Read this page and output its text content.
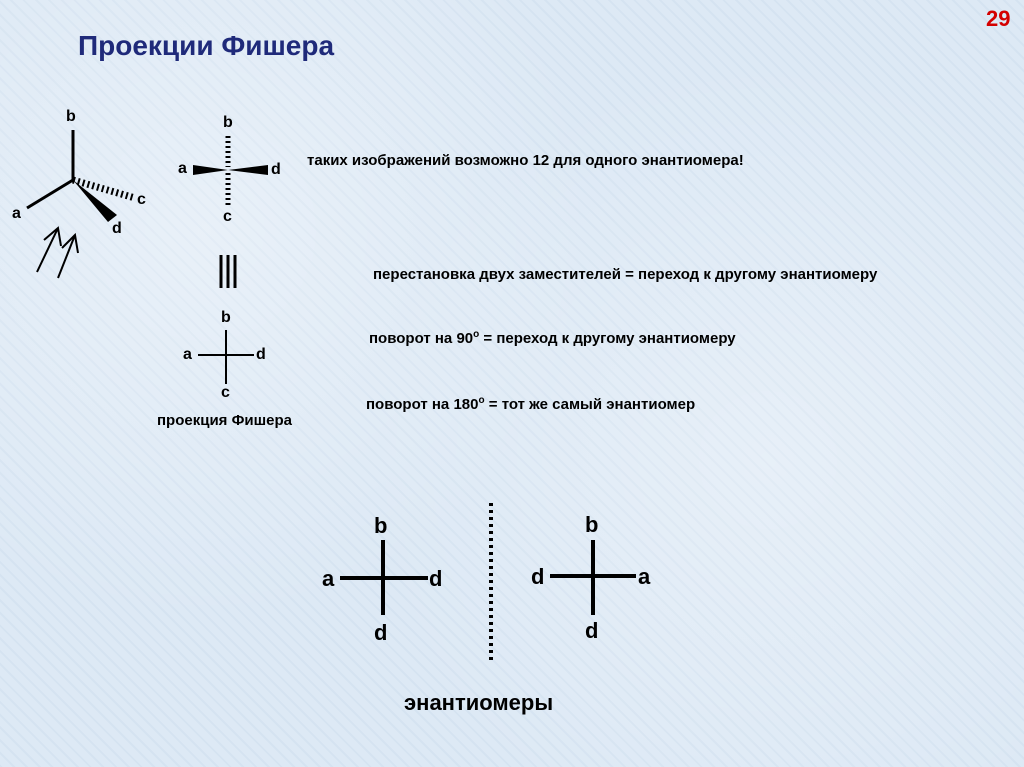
29
Проекции Фишера
b
a
c
d
b
a	d
c
таких изображений возможно 12 для одного энантиомера!
перестановка двух заместителей = переход к другому энантиомеру
поворот на $90^о$ = переход к другому энантиомеру
поворот на $180^о$ = тот же самый энантиомер
b
a	d
c
проекция Фишера
b
a	d
d
b
d	a
d
энантиомеры
